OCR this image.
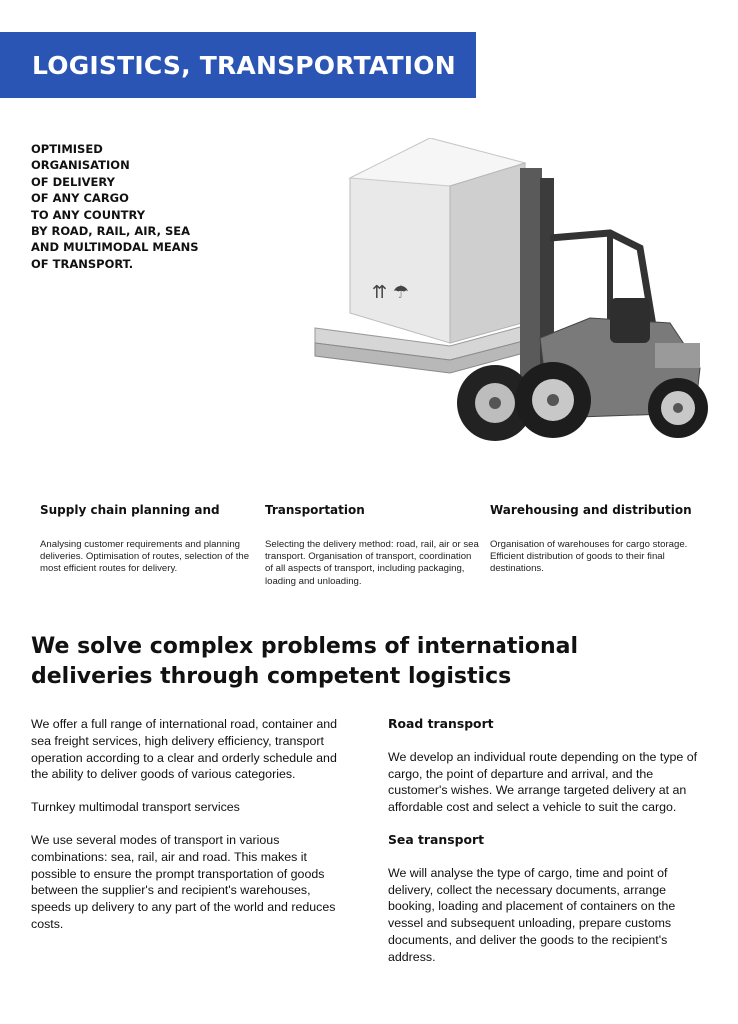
LOGISTICS, TRANSPORTATION
OPTIMISED
ORGANISATION
OF DELIVERY
OF ANY CARGO
TO ANY COUNTRY
BY ROAD, RAIL, AIR, SEA
AND MULTIMODAL MEANS
OF TRANSPORT.
⇈ ☂
Supply chain planning and
Analysing customer requirements and planning deliveries. Optimisation of routes, selection of the most efficient routes for delivery.
Transportation
Selecting the delivery method: road, rail, air or sea transport. Organisation of transport, coordination of all aspects of transport, including packaging, loading and unloading.
Warehousing and distribution
Organisation of warehouses for cargo storage. Efficient distribution of goods to their final destinations.
We solve complex problems of international
deliveries through competent logistics

We offer a full range of international road, container and sea freight services, high delivery efficiency, transport operation according to a clear and orderly schedule and the ability to deliver goods of various categories.

Turnkey multimodal transport services

We use several modes of transport in various combinations: sea, rail, air and road. This makes it possible to ensure the prompt transportation of goods between the supplier's and recipient's warehouses, speeds up delivery to any part of the world and reduces costs.

Road transport

We develop an individual route depending on the type of cargo, the point of departure and arrival, and the customer's wishes. We arrange targeted delivery at an affordable cost and select a vehicle to suit the cargo.

Sea transport

We will analyse the type of cargo, time and point of delivery, collect the necessary documents, arrange booking, loading and placement of containers on the vessel and subsequent unloading, prepare customs documents, and deliver the goods to the recipient's address.
